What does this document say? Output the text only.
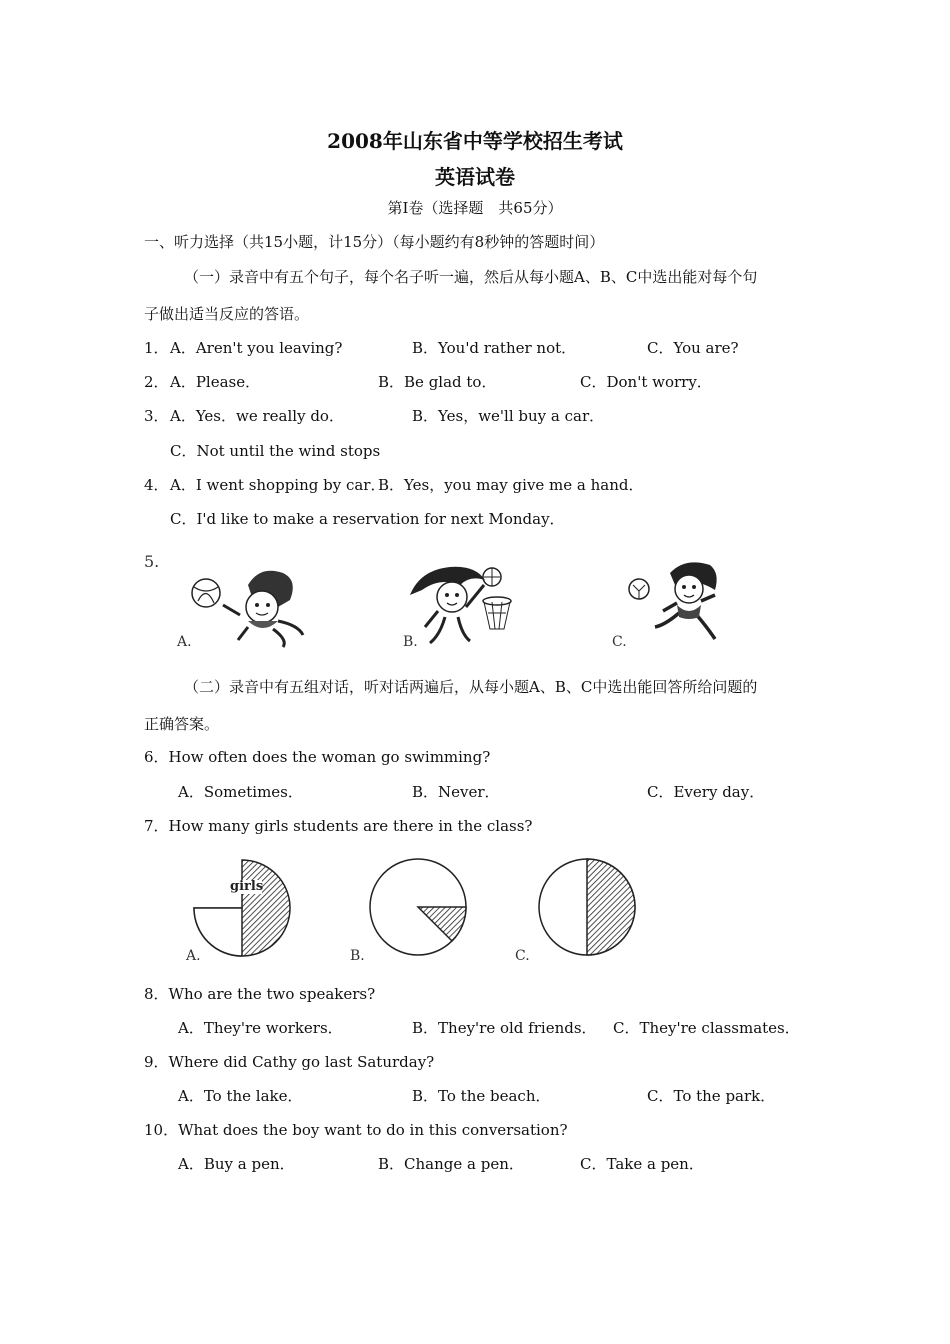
2008年山东省中等学校招生考试
英语试卷
第Ⅰ卷（选择题　共65分）
一、听力选择（共15小题，计15分）（每小题约有8秒钟的答题时间）
（一）录音中有五个句子，每个名子听一遍，然后从每小题A、B、C中选出能对每个句
子做出适当反应的答语。
1． A．Aren't you leaving?	B．You'd rather not．	C．You are?
2． A．Please．	B．Be glad to．	C．Don't worry．
3． A．Yes．we really do．	B．Yes，we'll buy a car．
C．Not until the wind stops
4． A．I went shopping by car．
B．Yes，you may give me a hand．
C．I'd like to make a reservation for next Monday．
5.
A.	B.	C.
（二）录音中有五组对话，听对话两遍后，从每小题A、B、C中选出能回答所给问题的
正确答案。
6．How often does the woman go swimming?
A．Sometimes．	B．Never．	C．Every day．
7．How many girls students are there in the class?
girls
A.	B.	C.
8．Who are the two speakers?
A．They're workers．	B．They're old friends． C．They're classmates．
9．Where did Cathy go last Saturday?
A．To the lake．	B．To the beach．	C．To the park．
10．What does the boy want to do in this conversation?
A．Buy a pen．	B．Change a pen．	C．Take a pen．
